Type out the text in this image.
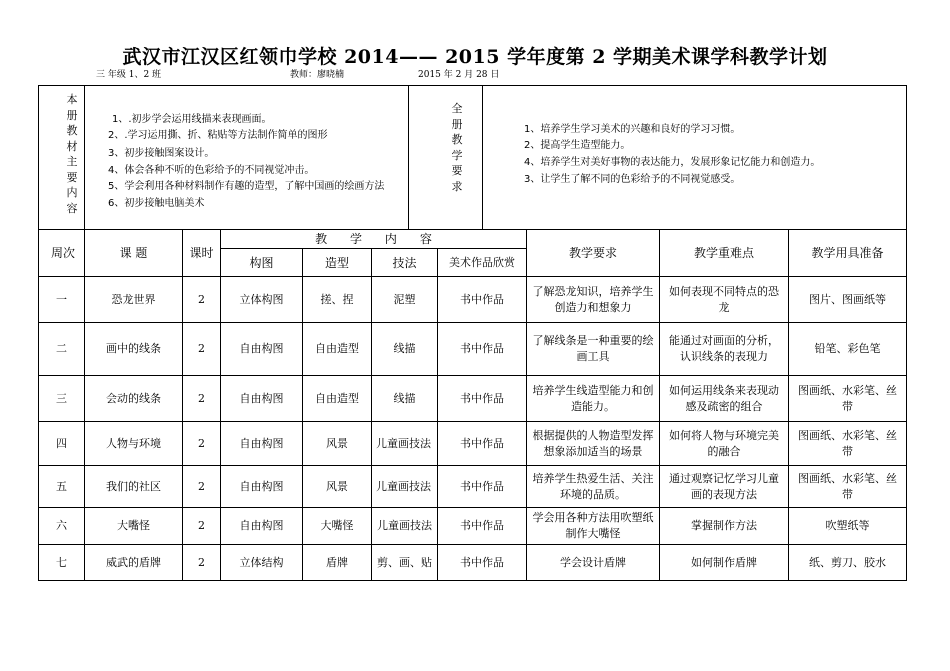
武汉市江汉区红领巾学校 2014—— 2015 学年度第 2 学期美术课学科教学计划
三 年级 1、2 班	教师：廖晓楠	2015 年 2 月 28 日
本
册
教
材
主
要
内
容
1、.初步学会运用线描来表现画面。
2、.学习运用撕、折、粘贴等方法制作简单的图形
3、初步接触图案设计。
4、体会各种不听的色彩给予的不同视觉冲击。
5、学会利用各种材料制作有趣的造型，了解中国画的绘画方法
6、初步接触电脑美术
全
册
教
学
要
求
1、培养学生学习美术的兴趣和良好的学习习惯。
2、提高学生造型能力。
4、培养学生对美好事物的表达能力，发展形象记忆能力和创造力。
3、让学生了解不同的色彩给予的不同视觉感受。
周次	课 题	课时	教      学      内      容				教学要求	教学重难点	教学用具准备
			构图	造型	技法	美术作品欣赏			
一	恐龙世界	2	立体构图	搓、捏	泥塑	书中作品	了解恐龙知识，培养学生创造力和想象力	如何表现不同特点的恐龙	图片、图画纸等
二	画中的线条	2	自由构图	自由造型	线描	书中作品	了解线条是一种重要的绘画工具	能通过对画面的分析，认识线条的表现力	铅笔、彩色笔
三	会动的线条	2	自由构图	自由造型	线描	书中作品	培养学生线造型能力和创造能力。	如何运用线条来表现动感及疏密的组合	图画纸、水彩笔、丝带
四	人物与环境	2	自由构图	风景	儿童画技法	书中作品	根据提供的人物造型发挥想象添加适当的场景	如何将人物与环境完美的融合	图画纸、水彩笔、丝带
五	我们的社区	2	自由构图	风景	儿童画技法	书中作品	培养学生热爱生活、关注环境的品质。	通过观察记忆学习儿童画的表现方法	图画纸、水彩笔、丝带
六	大嘴怪	2	自由构图	大嘴怪	儿童画技法	书中作品	学会用各种方法用吹塑纸制作大嘴怪	掌握制作方法	吹塑纸等
七	威武的盾牌	2	立体结构	盾牌	剪、画、贴	书中作品	学会设计盾牌	如何制作盾牌	纸、剪刀、胶水
